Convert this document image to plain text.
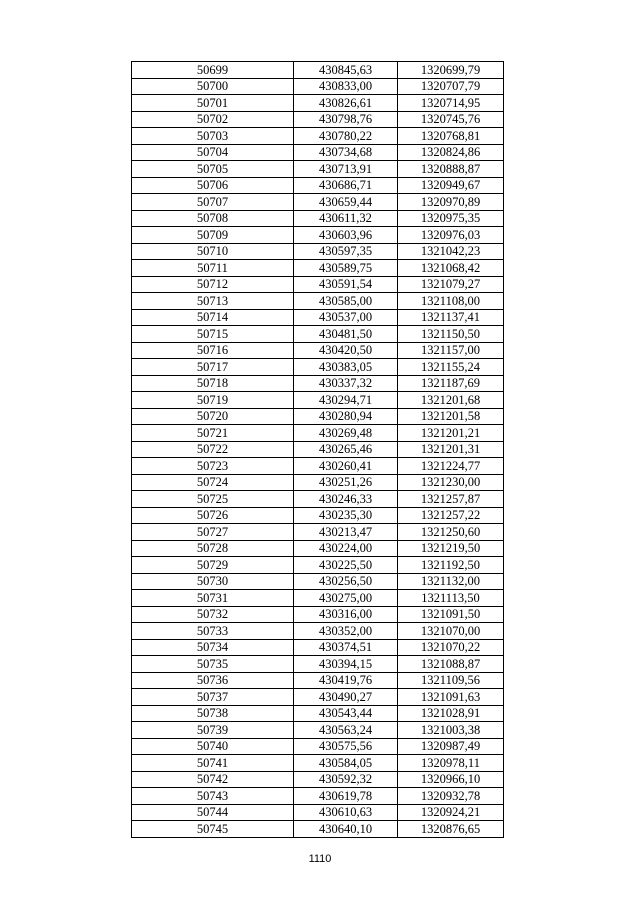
50699	430845,63	1320699,79
50700	430833,00	1320707,79
50701	430826,61	1320714,95
50702	430798,76	1320745,76
50703	430780,22	1320768,81
50704	430734,68	1320824,86
50705	430713,91	1320888,87
50706	430686,71	1320949,67
50707	430659,44	1320970,89
50708	430611,32	1320975,35
50709	430603,96	1320976,03
50710	430597,35	1321042,23
50711	430589,75	1321068,42
50712	430591,54	1321079,27
50713	430585,00	1321108,00
50714	430537,00	1321137,41
50715	430481,50	1321150,50
50716	430420,50	1321157,00
50717	430383,05	1321155,24
50718	430337,32	1321187,69
50719	430294,71	1321201,68
50720	430280,94	1321201,58
50721	430269,48	1321201,21
50722	430265,46	1321201,31
50723	430260,41	1321224,77
50724	430251,26	1321230,00
50725	430246,33	1321257,87
50726	430235,30	1321257,22
50727	430213,47	1321250,60
50728	430224,00	1321219,50
50729	430225,50	1321192,50
50730	430256,50	1321132,00
50731	430275,00	1321113,50
50732	430316,00	1321091,50
50733	430352,00	1321070,00
50734	430374,51	1321070,22
50735	430394,15	1321088,87
50736	430419,76	1321109,56
50737	430490,27	1321091,63
50738	430543,44	1321028,91
50739	430563,24	1321003,38
50740	430575,56	1320987,49
50741	430584,05	1320978,11
50742	430592,32	1320966,10
50743	430619,78	1320932,78
50744	430610,63	1320924,21
50745	430640,10	1320876,65
1110
